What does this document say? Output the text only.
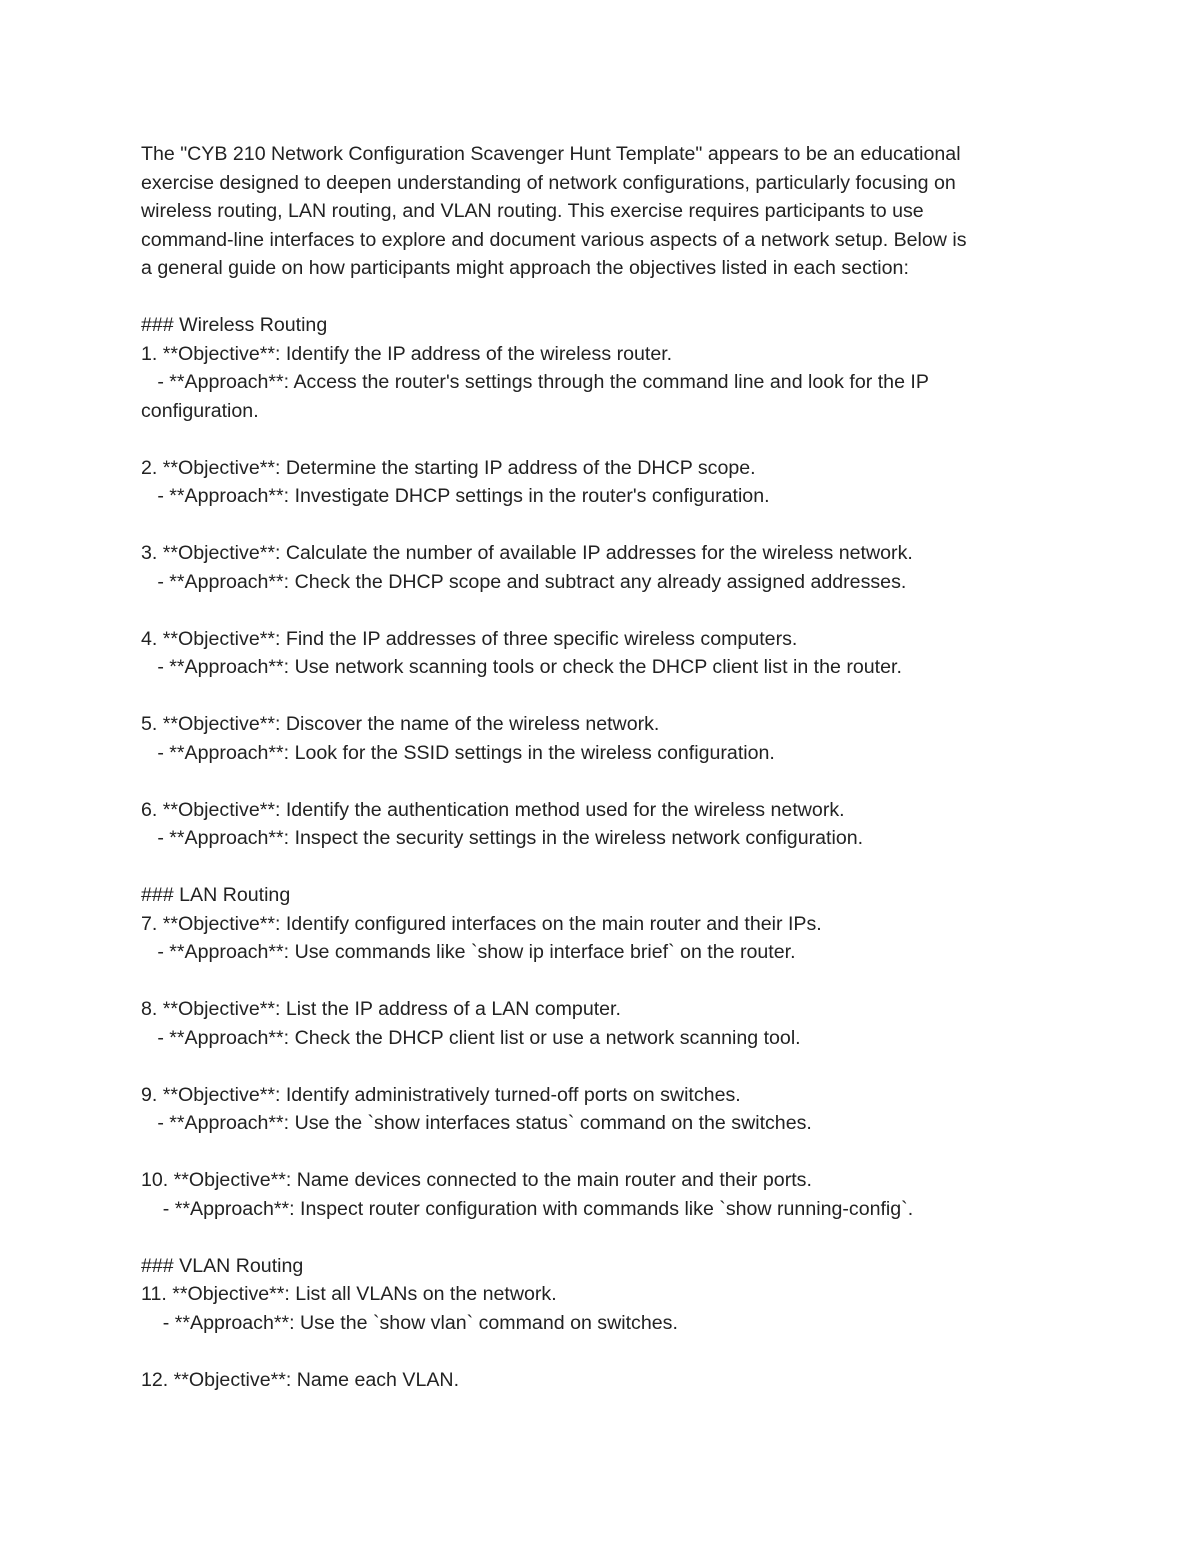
The "CYB 210 Network Configuration Scavenger Hunt Template" appears to be an educational
exercise designed to deepen understanding of network configurations, particularly focusing on
wireless routing, LAN routing, and VLAN routing. This exercise requires participants to use
command-line interfaces to explore and document various aspects of a network setup. Below is
a general guide on how participants might approach the objectives listed in each section:
### Wireless Routing
1. **Objective**: Identify the IP address of the wireless router.
- **Approach**: Access the router's settings through the command line and look for the IP
configuration.
2. **Objective**: Determine the starting IP address of the DHCP scope.
- **Approach**: Investigate DHCP settings in the router's configuration.
3. **Objective**: Calculate the number of available IP addresses for the wireless network.
- **Approach**: Check the DHCP scope and subtract any already assigned addresses.
4. **Objective**: Find the IP addresses of three specific wireless computers.
- **Approach**: Use network scanning tools or check the DHCP client list in the router.
5. **Objective**: Discover the name of the wireless network.
- **Approach**: Look for the SSID settings in the wireless configuration.
6. **Objective**: Identify the authentication method used for the wireless network.
- **Approach**: Inspect the security settings in the wireless network configuration.
### LAN Routing
7. **Objective**: Identify configured interfaces on the main router and their IPs.
- **Approach**: Use commands like `show ip interface brief` on the router.
8. **Objective**: List the IP address of a LAN computer.
- **Approach**: Check the DHCP client list or use a network scanning tool.
9. **Objective**: Identify administratively turned-off ports on switches.
- **Approach**: Use the `show interfaces status` command on the switches.
10. **Objective**: Name devices connected to the main router and their ports.
- **Approach**: Inspect router configuration with commands like `show running-config`.
### VLAN Routing
11. **Objective**: List all VLANs on the network.
- **Approach**: Use the `show vlan` command on switches.
12. **Objective**: Name each VLAN.
